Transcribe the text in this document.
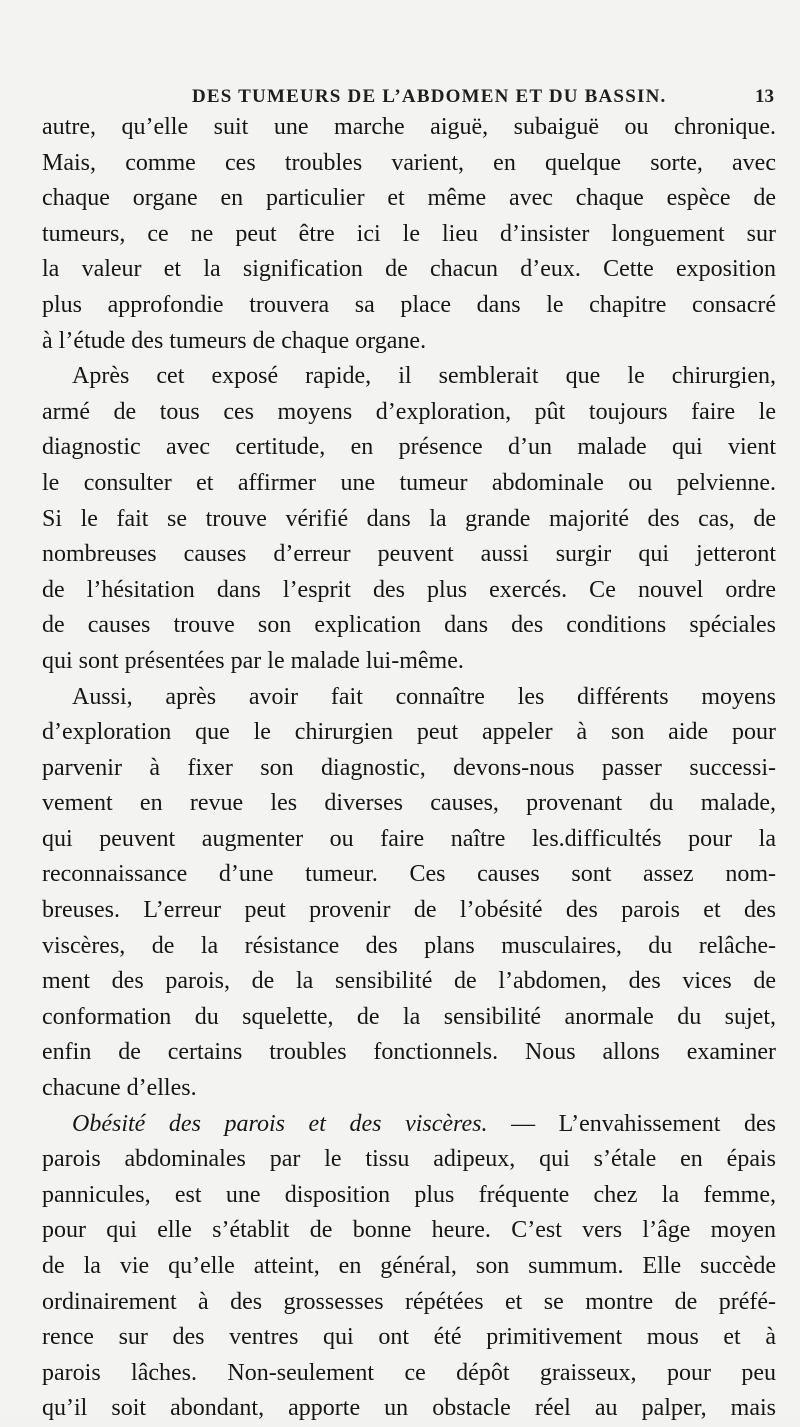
DES TUMEURS DE L’ABDOMEN ET DU BASSIN.	13
autre, qu’elle suit une marche aiguë, subaiguë ou chronique.
Mais, comme ces troubles varient, en quelque sorte, avec
chaque organe en particulier et même avec chaque espèce de
tumeurs, ce ne peut être ici le lieu d’insister longuement sur
la valeur et la signification de chacun d’eux. Cette exposition
plus approfondie trouvera sa place dans le chapitre consacré
à l’étude des tumeurs de chaque organe.
Après cet exposé rapide, il semblerait que le chirurgien,
armé de tous ces moyens d’exploration, pût toujours faire le
diagnostic avec certitude, en présence d’un malade qui vient
le consulter et affirmer une tumeur abdominale ou pelvienne.
Si le fait se trouve vérifié dans la grande majorité des cas, de
nombreuses causes d’erreur peuvent aussi surgir qui jetteront
de l’hésitation dans l’esprit des plus exercés. Ce nouvel ordre
de causes trouve son explication dans des conditions spéciales
qui sont présentées par le malade lui-même.
Aussi, après avoir fait connaître les différents moyens
d’exploration que le chirurgien peut appeler à son aide pour
parvenir à fixer son diagnostic, devons-nous passer successi-
vement en revue les diverses causes, provenant du malade,
qui peuvent augmenter ou faire naître les.difficultés pour la
reconnaissance d’une tumeur. Ces causes sont assez nom-
breuses. L’erreur peut provenir de l’obésité des parois et des
viscères, de la résistance des plans musculaires, du relâche-
ment des parois, de la sensibilité de l’abdomen, des vices de
conformation du squelette, de la sensibilité anormale du sujet,
enfin de certains troubles fonctionnels. Nous allons examiner
chacune d’elles.
Obésité des parois et des viscères. — L’envahissement des
parois abdominales par le tissu adipeux, qui s’étale en épais
pannicules, est une disposition plus fréquente chez la femme,
pour qui elle s’établit de bonne heure. C’est vers l’âge moyen
de la vie qu’elle atteint, en général, son summum. Elle succède
ordinairement à des grossesses répétées et se montre de préfé-
rence sur des ventres qui ont été primitivement mous et à
parois lâches. Non-seulement ce dépôt graisseux, pour peu
qu’il soit abondant, apporte un obstacle réel au palper, mais
